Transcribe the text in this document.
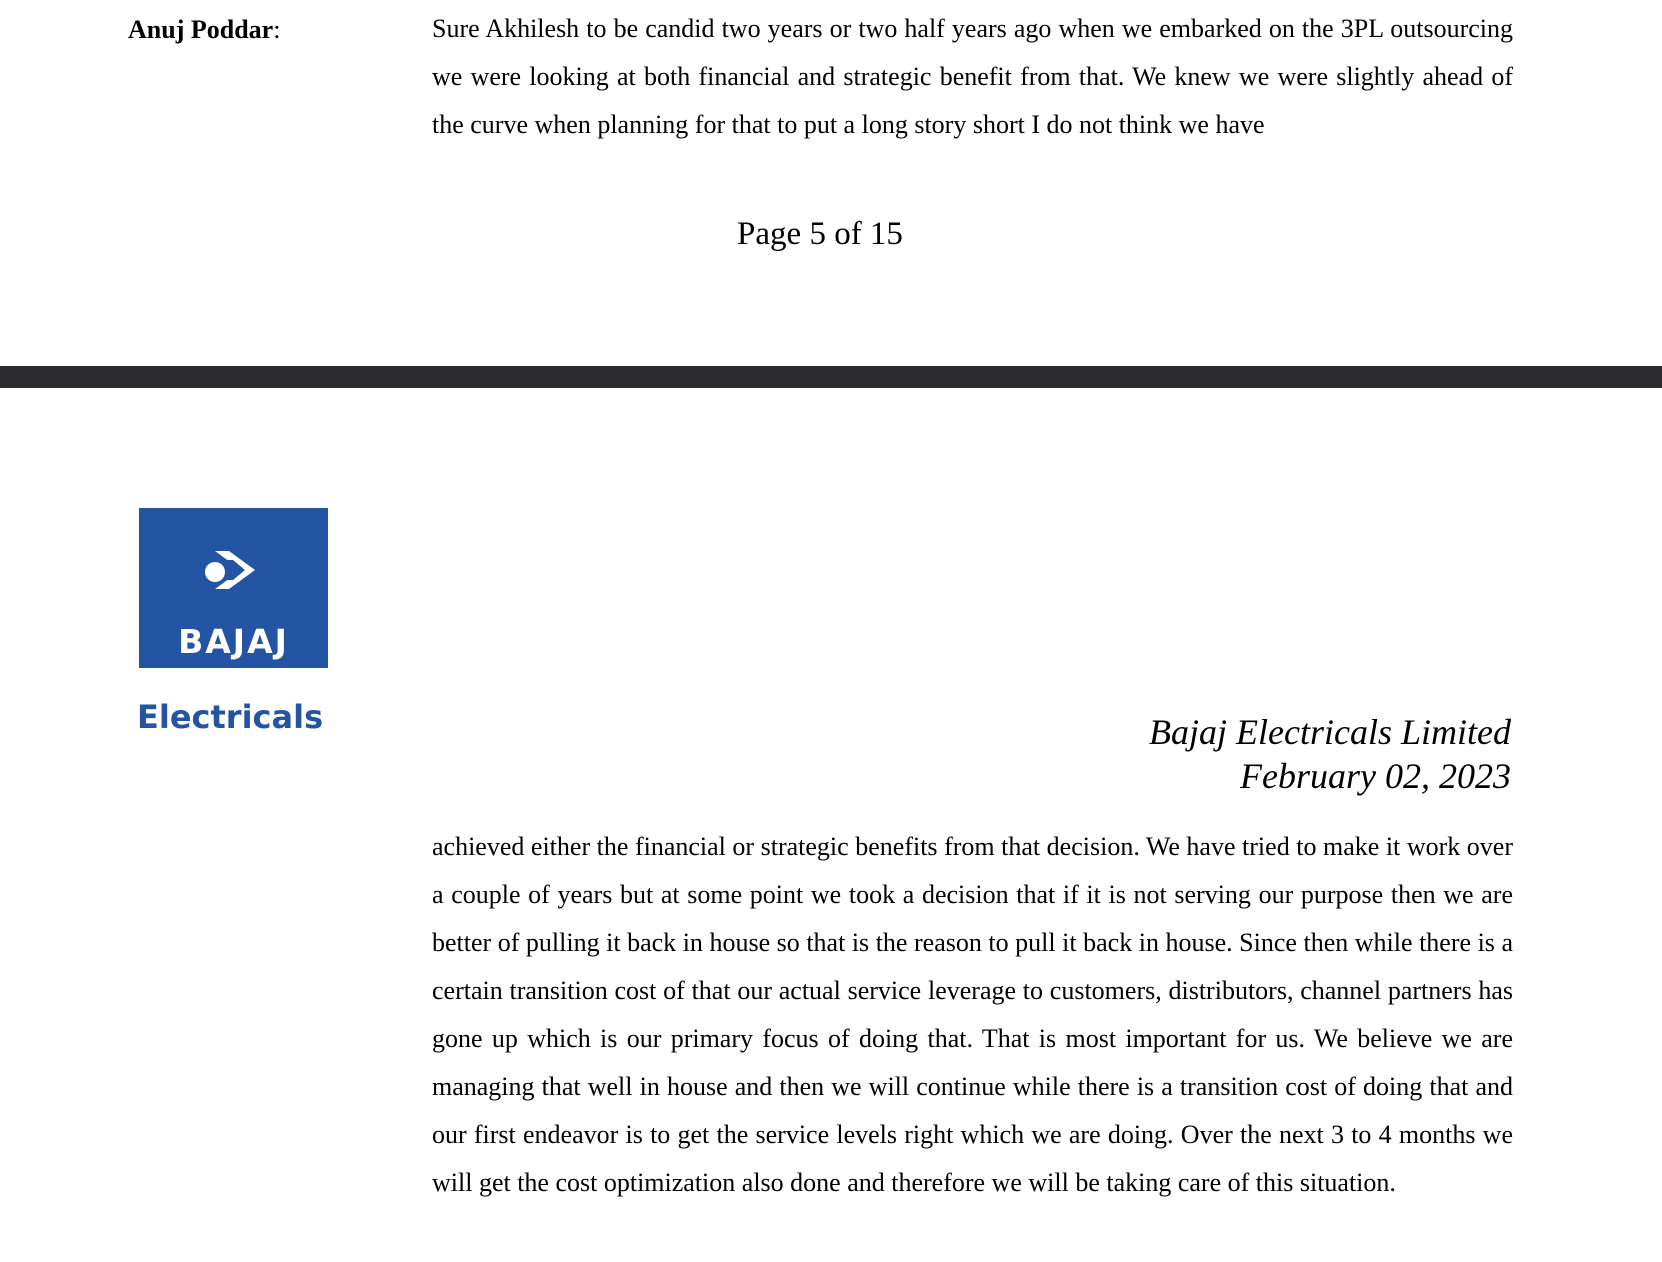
Anuj Poddar:	Sure Akhilesh to be candid two years or two half years ago when we embarked on the 3PL outsourcing we were looking at both financial and strategic benefit from that. We knew we were slightly ahead of the curve when planning for that to put a long story short I do not think we have

Page 5 of 15
BAJAJ
Electricals	Bajaj Electricals Limited
February 02, 2023

achieved either the financial or strategic benefits from that decision. We have tried to make it work over a couple of years but at some point we took a decision that if it is not serving our purpose then we are better of pulling it back in house so that is the reason to pull it back in house. Since then while there is a certain transition cost of that our actual service leverage to customers, distributors, channel partners has gone up which is our primary focus of doing that. That is most important for us. We believe we are managing that well in house and then we will continue while there is a transition cost of doing that and our first endeavor is to get the service levels right which we are doing. Over the next 3 to 4 months we will get the cost optimization also done and therefore we will be taking care of this situation.
